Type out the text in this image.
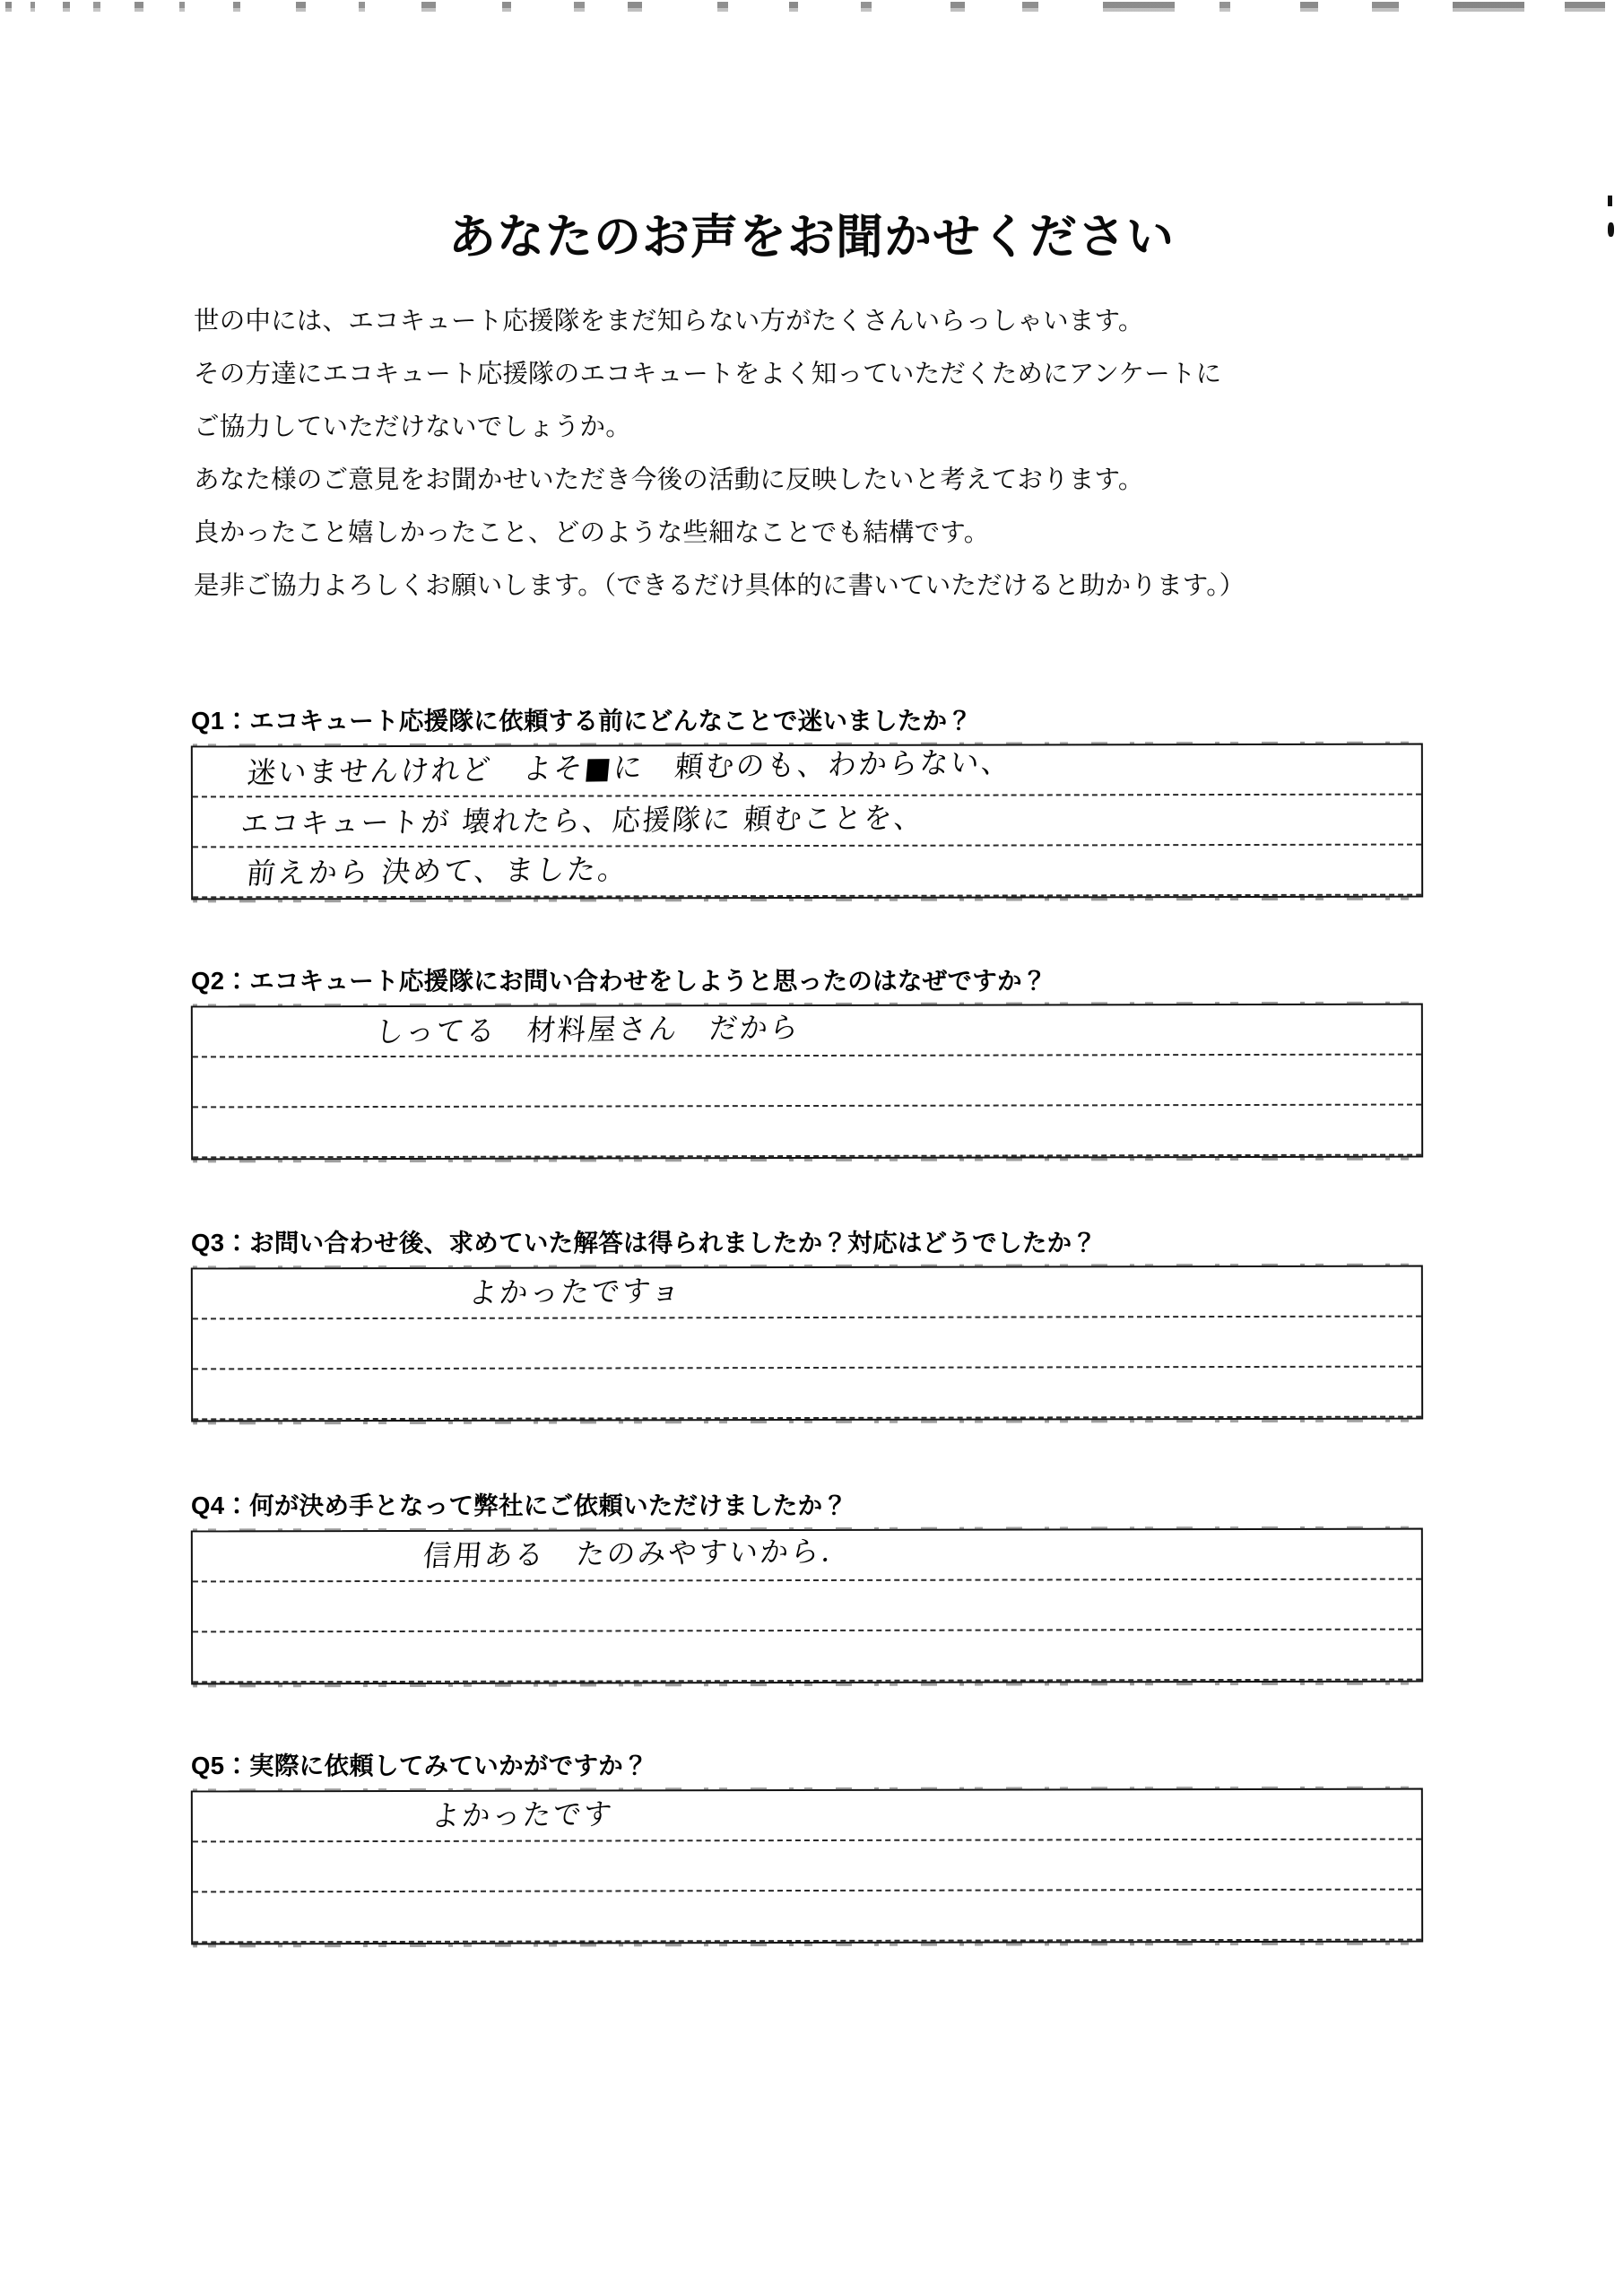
あなたのお声をお聞かせください
世の中には、エコキュート応援隊をまだ知らない方がたくさんいらっしゃいます。
その方達にエコキュート応援隊のエコキュートをよく知っていただくためにアンケートに
ご協力していただけないでしょうか。
あなた様のご意見をお聞かせいただき今後の活動に反映したいと考えております。
良かったこと嬉しかったこと、どのような些細なことでも結構です。
是非ご協力よろしくお願いします。（できるだけ具体的に書いていただけると助かります。）
Q1：エコキュート応援隊に依頼する前にどんなことで迷いましたか？
迷いませんけれど　よそ■に　頼むのも、わからない、
エコキュートが 壊れたら、応援隊に 頼むことを、
前えから 決めて、ました。
Q2：エコキュート応援隊にお問い合わせをしようと思ったのはなぜですか？
しってる　材料屋さん　だから
Q3：お問い合わせ後、求めていた解答は得られましたか？対応はどうでしたか？
よかったですョ
Q4：何が決め手となって弊社にご依頼いただけましたか？
信用ある　たのみやすいから.
Q5：実際に依頼してみていかがですか？
よかったです
